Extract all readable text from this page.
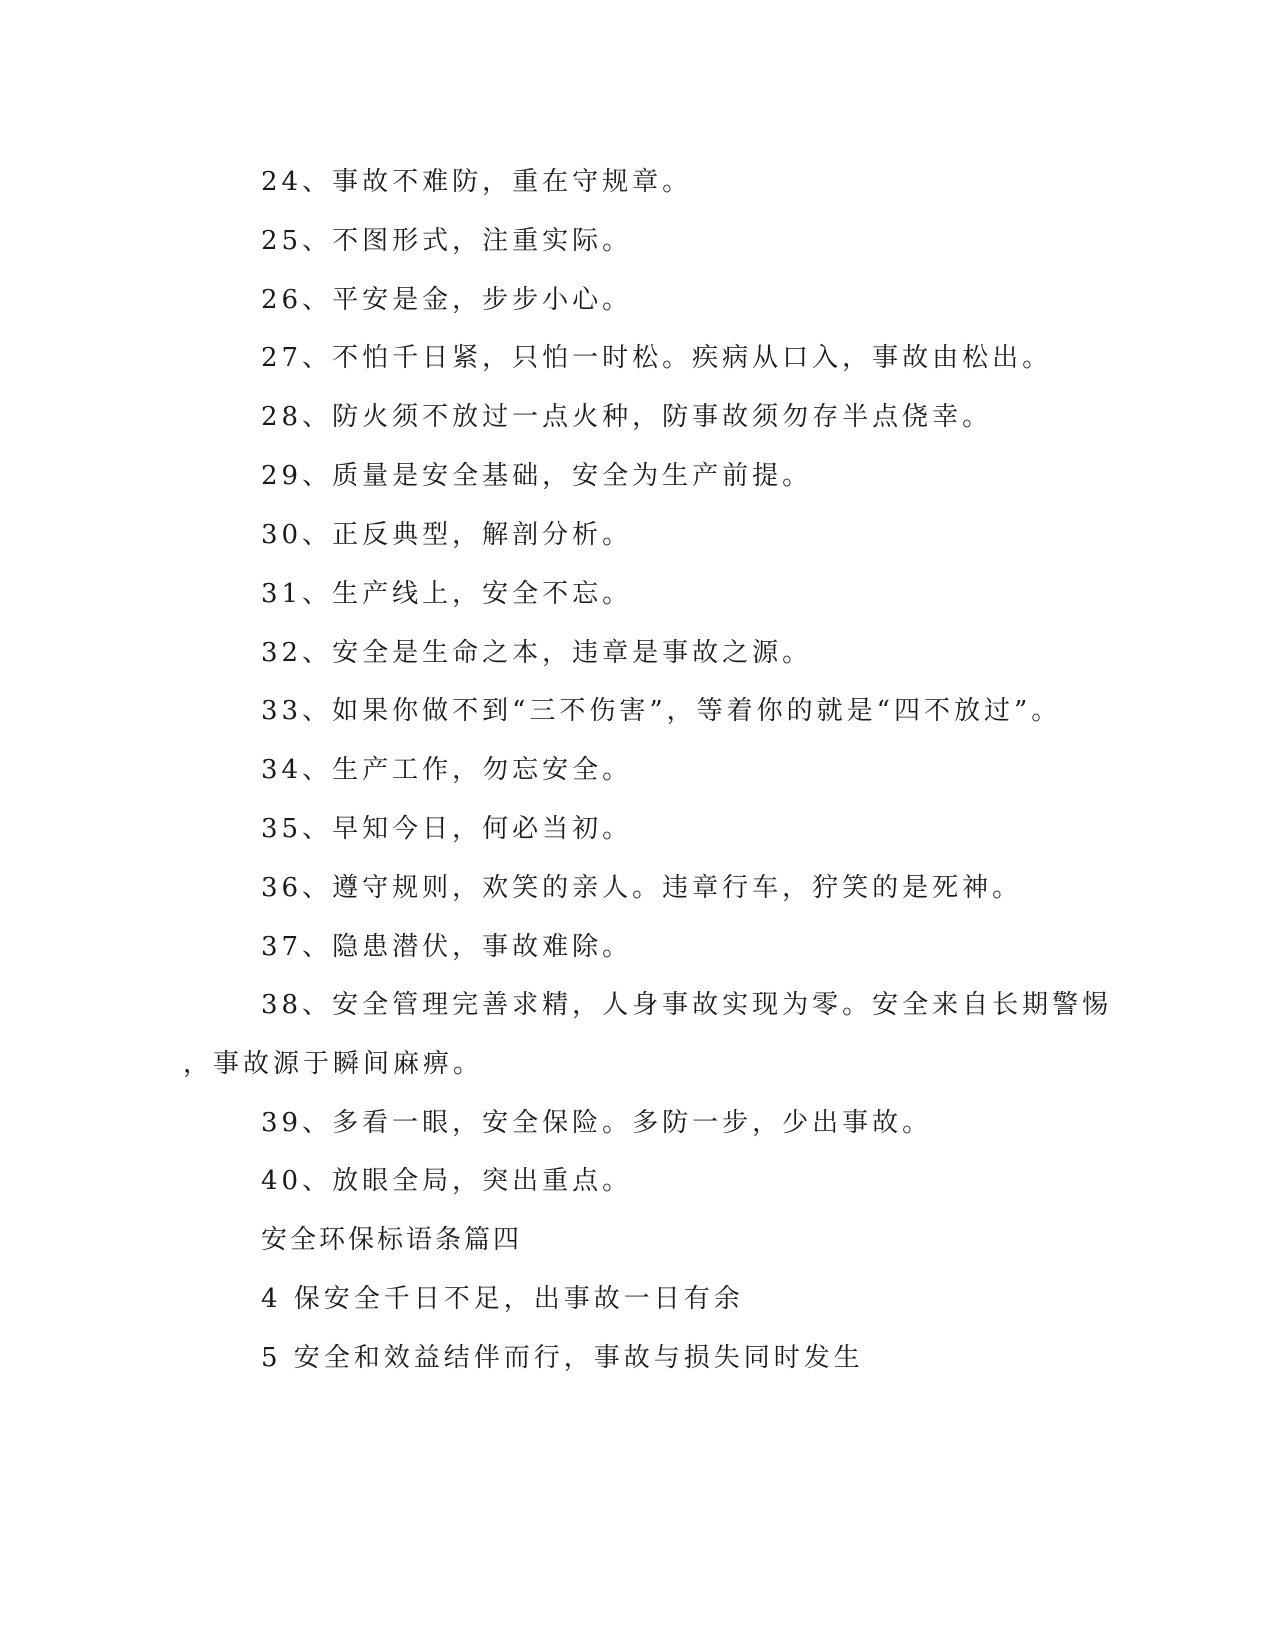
24、事故不难防，重在守规章。

25、不图形式，注重实际。

26、平安是金，步步小心。

27、不怕千日紧，只怕一时松。疾病从口入，事故由松出。

28、防火须不放过一点火种，防事故须勿存半点侥幸。

29、质量是安全基础，安全为生产前提。

30、正反典型，解剖分析。

31、生产线上，安全不忘。

32、安全是生命之本，违章是事故之源。

33、如果你做不到“三不伤害”，等着你的就是“四不放过”。

34、生产工作，勿忘安全。

35、早知今日，何必当初。

36、遵守规则，欢笑的亲人。违章行车，狞笑的是死神。

37、隐患潜伏，事故难除。

38、安全管理完善求精，人身事故实现为零。安全来自长期警惕

，事故源于瞬间麻痹。

39、多看一眼，安全保险。多防一步，少出事故。

40、放眼全局，突出重点。

安全环保标语条篇四

4 保安全千日不足，出事故一日有余

5 安全和效益结伴而行，事故与损失同时发生
